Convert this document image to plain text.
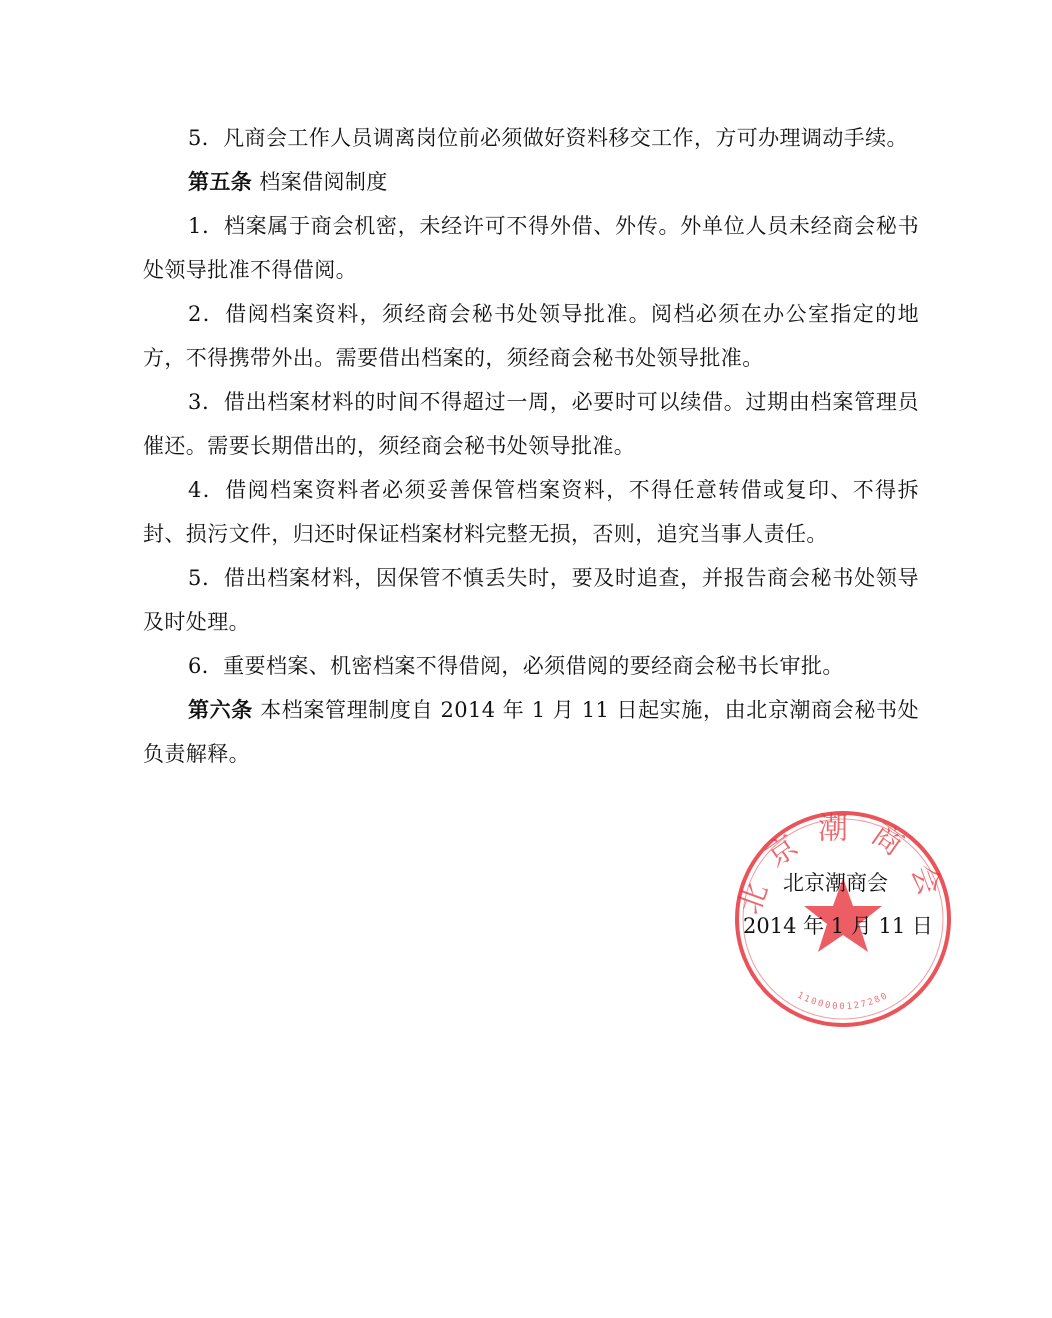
5．凡商会工作人员调离岗位前必须做好资料移交工作，方可办理调动手续。

第五条 档案借阅制度

1．档案属于商会机密，未经许可不得外借、外传。外单位人员未经商会秘书处领导批准不得借阅。

2．借阅档案资料，须经商会秘书处领导批准。阅档必须在办公室指定的地方，不得携带外出。需要借出档案的，须经商会秘书处领导批准。

3．借出档案材料的时间不得超过一周，必要时可以续借。过期由档案管理员催还。需要长期借出的，须经商会秘书处领导批准。

4．借阅档案资料者必须妥善保管档案资料，不得任意转借或复印、不得拆封、损污文件，归还时保证档案材料完整无损，否则，追究当事人责任。

5．借出档案材料，因保管不慎丢失时，要及时追查，并报告商会秘书处领导及时处理。

6．重要档案、机密档案不得借阅，必须借阅的要经商会秘书长审批。

第六条 本档案管理制度自 2014 年 1 月 11 日起实施，由北京潮商会秘书处负责解释。

北京潮商会
1100000127280
北京潮商会
2014 年 1 月 11 日
